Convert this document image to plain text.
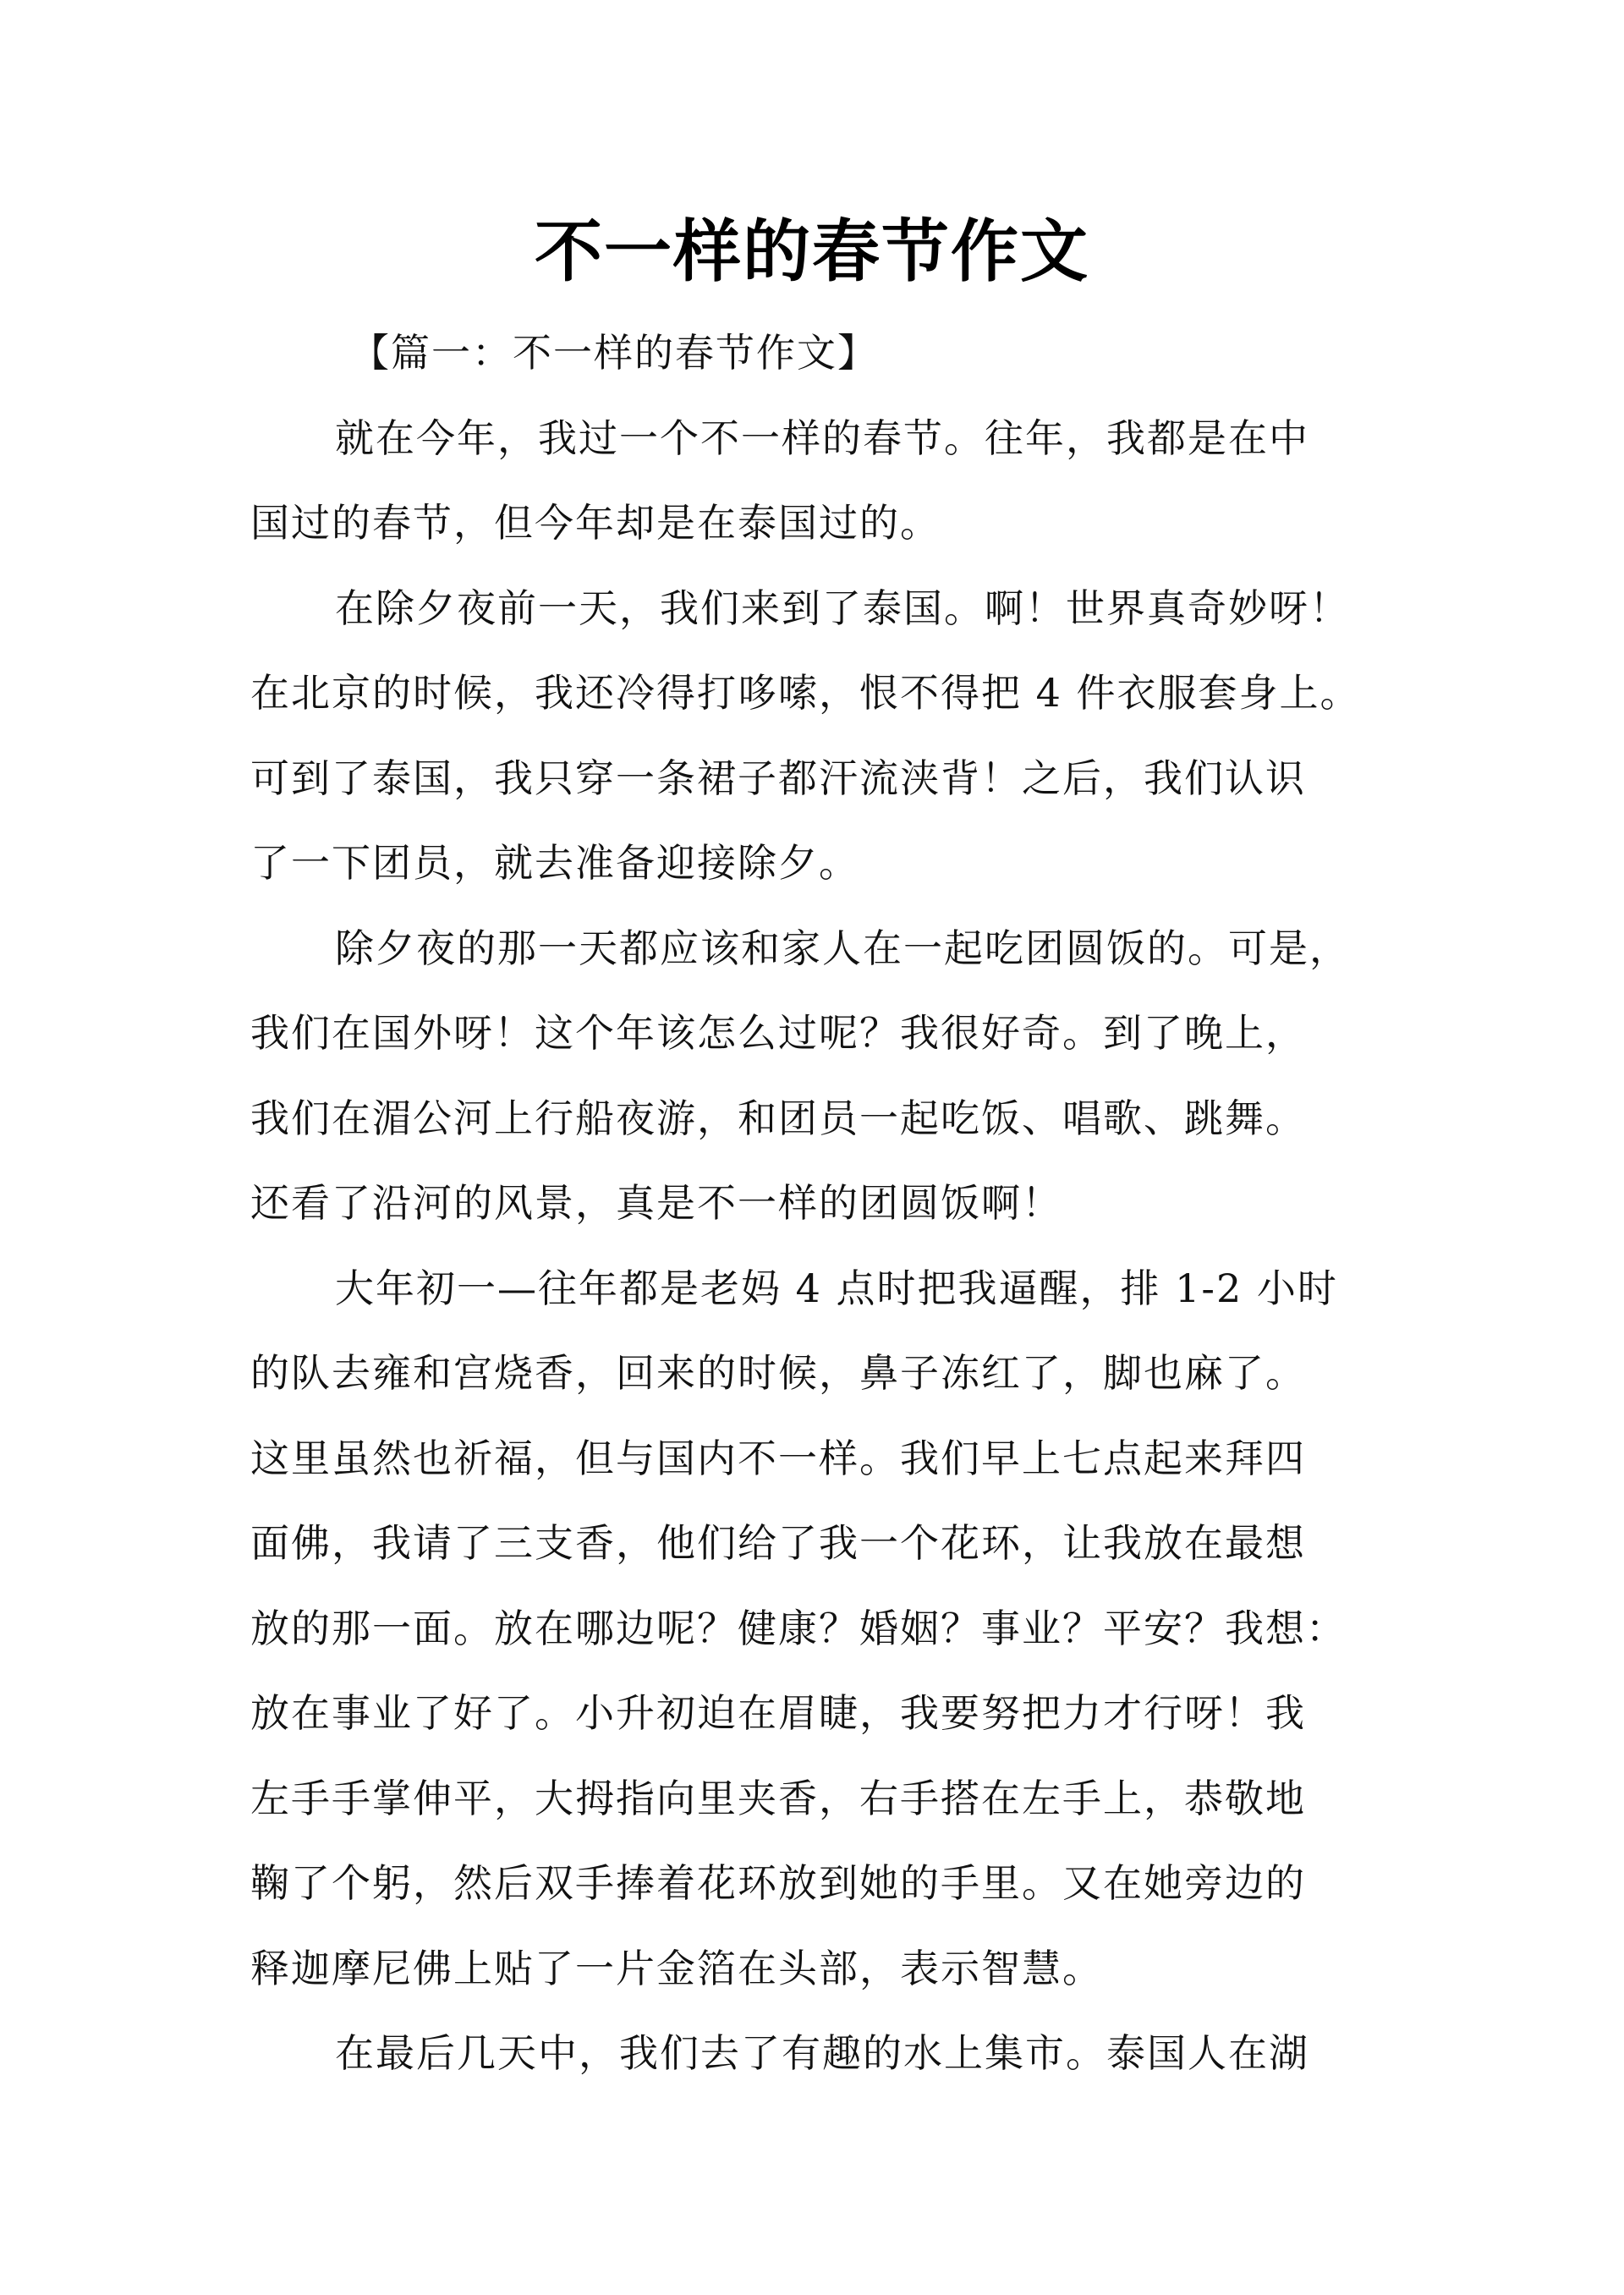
不一样的春节作文
【篇一：不一样的春节作文】
就在今年，我过一个不一样的春节。往年，我都是在中
国过的春节，但今年却是在泰国过的。
在除夕夜前一天，我们来到了泰国。啊！世界真奇妙呀！
在北京的时候，我还冷得打哆嗦，恨不得把 4 件衣服套身上。
可到了泰国，我只穿一条裙子都汗流浃背！之后，我们认识
了一下团员，就去准备迎接除夕。
除夕夜的那一天都应该和家人在一起吃团圆饭的。可是，
我们在国外呀！这个年该怎么过呢？我很好奇。到了晚上，
我们在湄公河上行船夜游，和团员一起吃饭、唱歌、跳舞。
还看了沿河的风景，真是不一样的团圆饭啊！
大年初一—往年都是老妈 4 点时把我逼醒，排 1-2 小时
的队去雍和宫烧香，回来的时候，鼻子冻红了，脚也麻了。
这里虽然也祈福，但与国内不一样。我们早上七点起来拜四
面佛，我请了三支香，他们给了我一个花环，让我放在最想
放的那一面。放在哪边呢？健康？婚姻？事业？平安？我想：
放在事业了好了。小升初迫在眉睫，我要努把力才行呀！我
左手手掌伸平，大拇指向里夹香，右手搭在左手上，恭敬地
鞠了个躬，然后双手捧着花环放到她的手里。又在她旁边的
释迦摩尼佛上贴了一片金箔在头部，表示智慧。
在最后几天中，我们去了有趣的水上集市。泰国人在湖
